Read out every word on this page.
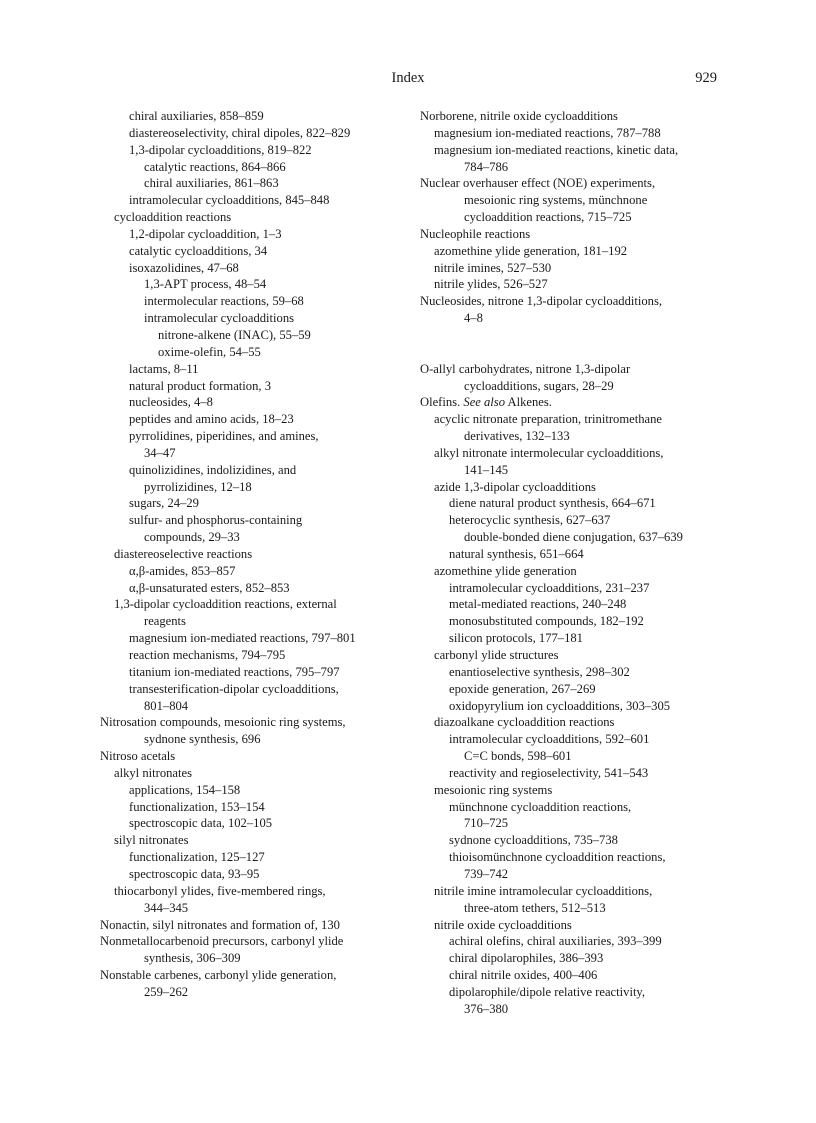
Index	929
chiral auxiliaries, 858–859
diastereoselectivity, chiral dipoles, 822–829
1,3-dipolar cycloadditions, 819–822
catalytic reactions, 864–866
chiral auxiliaries, 861–863
intramolecular cycloadditions, 845–848
cycloaddition reactions
1,2-dipolar cycloaddition, 1–3
catalytic cycloadditions, 34
isoxazolidines, 47–68
1,3-APT process, 48–54
intermolecular reactions, 59–68
intramolecular cycloadditions
nitrone-alkene (INAC), 55–59
oxime-olefin, 54–55
lactams, 8–11
natural product formation, 3
nucleosides, 4–8
peptides and amino acids, 18–23
pyrrolidines, piperidines, and amines,
34–47
quinolizidines, indolizidines, and
pyrrolizidines, 12–18
sugars, 24–29
sulfur- and phosphorus-containing
compounds, 29–33
diastereoselective reactions
α,β-amides, 853–857
α,β-unsaturated esters, 852–853
1,3-dipolar cycloaddition reactions, external
reagents
magnesium ion-mediated reactions, 797–801
reaction mechanisms, 794–795
titanium ion-mediated reactions, 795–797
transesterification-dipolar cycloadditions,
801–804
Nitrosation compounds, mesoionic ring systems,
sydnone synthesis, 696
Nitroso acetals
alkyl nitronates
applications, 154–158
functionalization, 153–154
spectroscopic data, 102–105
silyl nitronates
functionalization, 125–127
spectroscopic data, 93–95
thiocarbonyl ylides, five-membered rings,
344–345
Nonactin, silyl nitronates and formation of, 130
Nonmetallocarbenoid precursors, carbonyl ylide
synthesis, 306–309
Nonstable carbenes, carbonyl ylide generation,
259–262
Norborene, nitrile oxide cycloadditions
magnesium ion-mediated reactions, 787–788
magnesium ion-mediated reactions, kinetic data,
784–786
Nuclear overhauser effect (NOE) experiments,
mesoionic ring systems, münchnone
cycloaddition reactions, 715–725
Nucleophile reactions
azomethine ylide generation, 181–192
nitrile imines, 527–530
nitrile ylides, 526–527
Nucleosides, nitrone 1,3-dipolar cycloadditions,
4–8
O-allyl carbohydrates, nitrone 1,3-dipolar
cycloadditions, sugars, 28–29
Olefins. See also Alkenes.
acyclic nitronate preparation, trinitromethane
derivatives, 132–133
alkyl nitronate intermolecular cycloadditions,
141–145
azide 1,3-dipolar cycloadditions
diene natural product synthesis, 664–671
heterocyclic synthesis, 627–637
double-bonded diene conjugation, 637–639
natural synthesis, 651–664
azomethine ylide generation
intramolecular cycloadditions, 231–237
metal-mediated reactions, 240–248
monosubstituted compounds, 182–192
silicon protocols, 177–181
carbonyl ylide structures
enantioselective synthesis, 298–302
epoxide generation, 267–269
oxidopyrylium ion cycloadditions, 303–305
diazoalkane cycloaddition reactions
intramolecular cycloadditions, 592–601
C=C bonds, 598–601
reactivity and regioselectivity, 541–543
mesoionic ring systems
münchnone cycloaddition reactions,
710–725
sydnone cycloadditions, 735–738
thioisomünchnone cycloaddition reactions,
739–742
nitrile imine intramolecular cycloadditions,
three-atom tethers, 512–513
nitrile oxide cycloadditions
achiral olefins, chiral auxiliaries, 393–399
chiral dipolarophiles, 386–393
chiral nitrile oxides, 400–406
dipolarophile/dipole relative reactivity,
376–380
